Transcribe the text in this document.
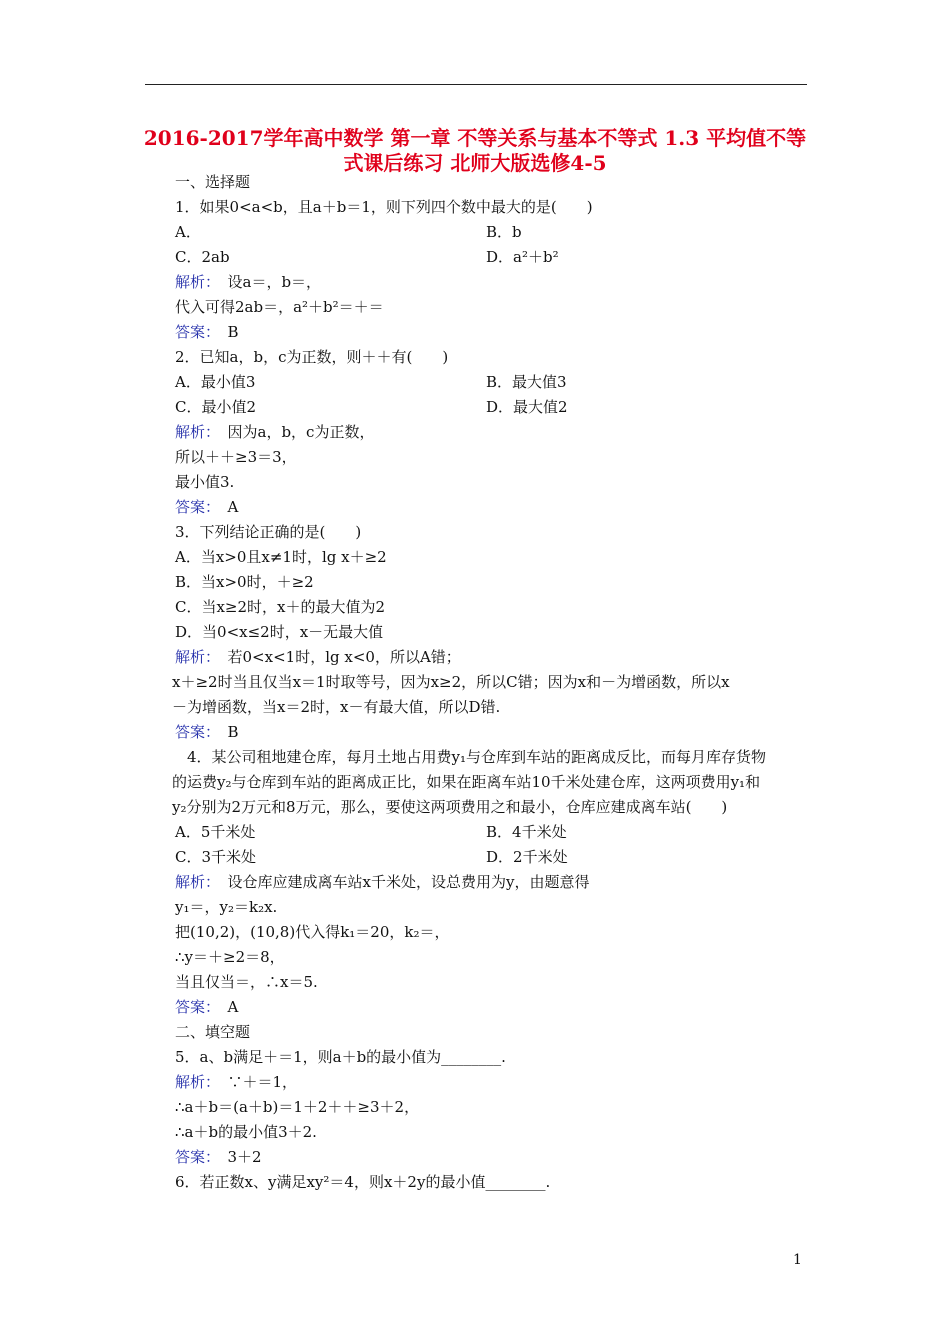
2016-2017学年高中数学 第一章 不等关系与基本不等式 1.3 平均值不等式课后练习 北师大版选修4-5
一、选择题
1．如果0<a<b，且a＋b＝1，则下列四个数中最大的是(　　)
A．	B．b
C．2ab	D．a²＋b²
解析：　设a＝，b＝，
代入可得2ab＝，a²＋b²＝＋＝
答案：　B
2．已知a，b，c为正数，则＋＋有(　　)
A．最小值3	B．最大值3
C．最小值2	D．最大值2
解析：　因为a，b，c为正数，
所以＋＋≥3＝3，
最小值3.
答案：　A
3．下列结论正确的是(　　)
A．当x>0且x≠1时，lg x＋≥2
B．当x>0时，＋≥2
C．当x≥2时，x＋的最大值为2
D．当0<x≤2时，x－无最大值
解析：　若0<x<1时，lg x<0，所以A错；
x＋≥2时当且仅当x＝1时取等号，因为x≥2，所以C错；因为x和－为增函数，所以x
－为增函数，当x＝2时，x－有最大值，所以D错.
答案：　B
　4．某公司租地建仓库，每月土地占用费y₁与仓库到车站的距离成反比，而每月库存货物
的运费y₂与仓库到车站的距离成正比，如果在距离车站10千米处建仓库，这两项费用y₁和
y₂分别为2万元和8万元，那么，要使这两项费用之和最小，仓库应建成离车站(　　)
A．5千米处	B．4千米处
C．3千米处	D．2千米处
解析：　设仓库应建成离车站x千米处，设总费用为y，由题意得
y₁＝，y₂＝k₂x.
把(10,2)，(10,8)代入得k₁＝20，k₂＝，
∴y＝＋≥2＝8，
当且仅当＝，∴x＝5.
答案：　A
二、填空题
5．a、b满足＋＝1，则a＋b的最小值为________.
解析：　∵＋＝1，
∴a＋b＝(a＋b)＝1＋2＋＋≥3＋2，
∴a＋b的最小值3＋2.
答案：　3＋2
6．若正数x、y满足xy²＝4，则x＋2y的最小值________.
1
